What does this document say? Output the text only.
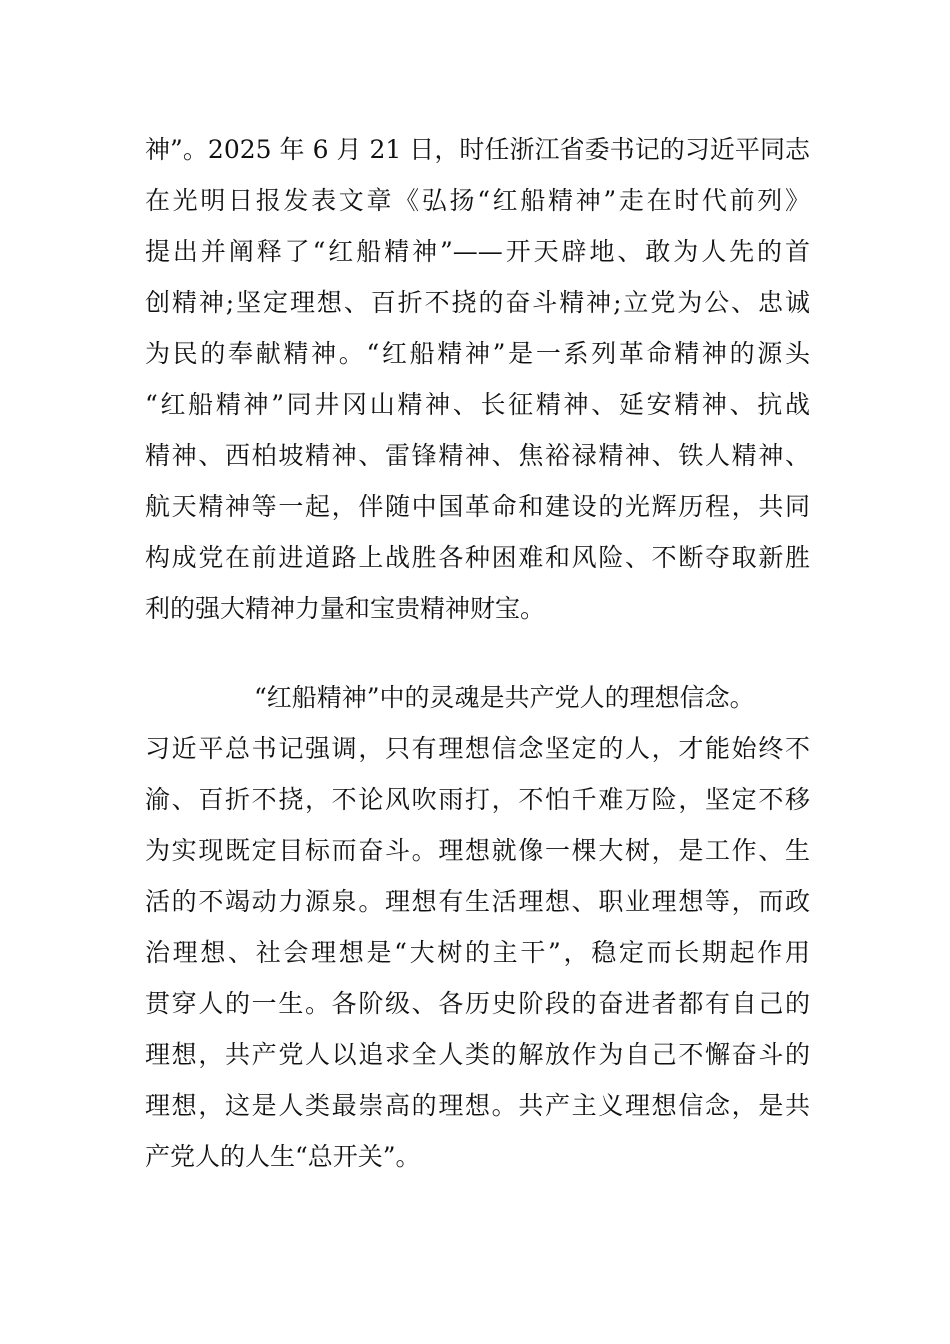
神”。2025 年 6 月 21 日，时任浙江省委书记的习近平同志
在光明日报发表文章《弘扬“红船精神”走在时代前列》
提出并阐释了“红船精神”——开天辟地、敢为人先的首
创精神;坚定理想、百折不挠的奋斗精神;立党为公、忠诚
为民的奉献精神。“红船精神”是一系列革命精神的源头
“红船精神”同井冈山精神、长征精神、延安精神、抗战
精神、西柏坡精神、雷锋精神、焦裕禄精神、铁人精神、
航天精神等一起，伴随中国革命和建设的光辉历程，共同
构成党在前进道路上战胜各种困难和风险、不断夺取新胜
利的强大精神力量和宝贵精神财宝。

“红船精神”中的灵魂是共产党人的理想信念。
习近平总书记强调，只有理想信念坚定的人，才能始终不
渝、百折不挠，不论风吹雨打，不怕千难万险，坚定不移
为实现既定目标而奋斗。理想就像一棵大树，是工作、生
活的不竭动力源泉。理想有生活理想、职业理想等，而政
治理想、社会理想是“大树的主干”，稳定而长期起作用
贯穿人的一生。各阶级、各历史阶段的奋进者都有自己的
理想，共产党人以追求全人类的解放作为自己不懈奋斗的
理想，这是人类最崇高的理想。共产主义理想信念，是共
产党人的人生“总开关”。
